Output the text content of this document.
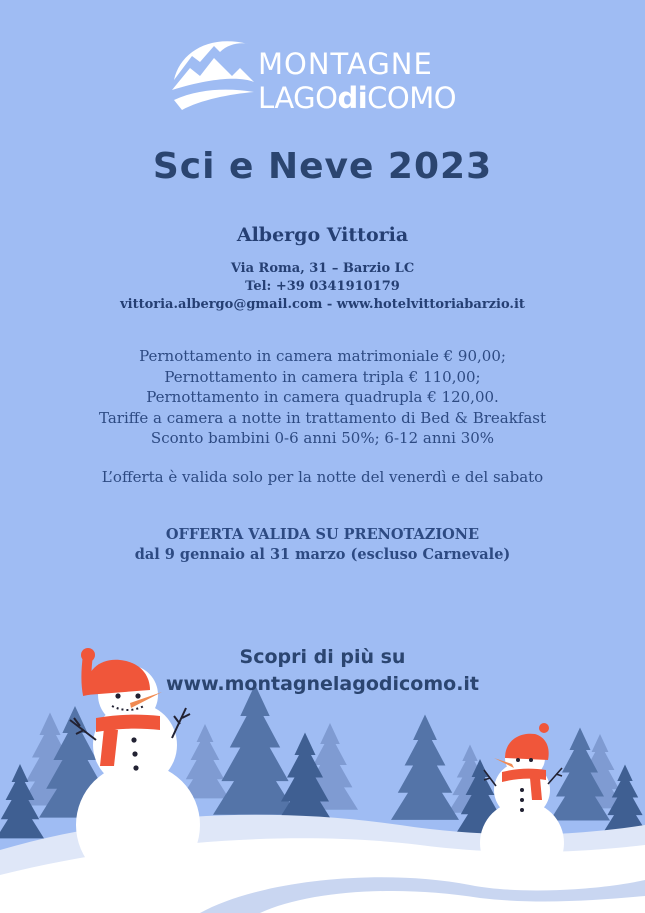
MONTAGNE
LAGOdiCOMO
Sci e Neve 2023
Albergo Vittoria
Via Roma, 31 – Barzio LC
Tel: +39 0341910179
vittoria.albergo@gmail.com - www.hotelvittoriabarzio.it
Pernottamento in camera matrimoniale € 90,00;
Pernottamento in camera tripla € 110,00;
Pernottamento in camera quadrupla € 120,00.
Tariffe a camera a notte in trattamento di Bed & Breakfast
Sconto bambini 0-6 anni 50%; 6-12 anni 30%
L’offerta è valida solo per la notte del venerdì e del sabato
OFFERTA VALIDA SU PRENOTAZIONE
dal 9 gennaio al 31 marzo (escluso Carnevale)
Scopri di più su
www.montagnelagodicomo.it
